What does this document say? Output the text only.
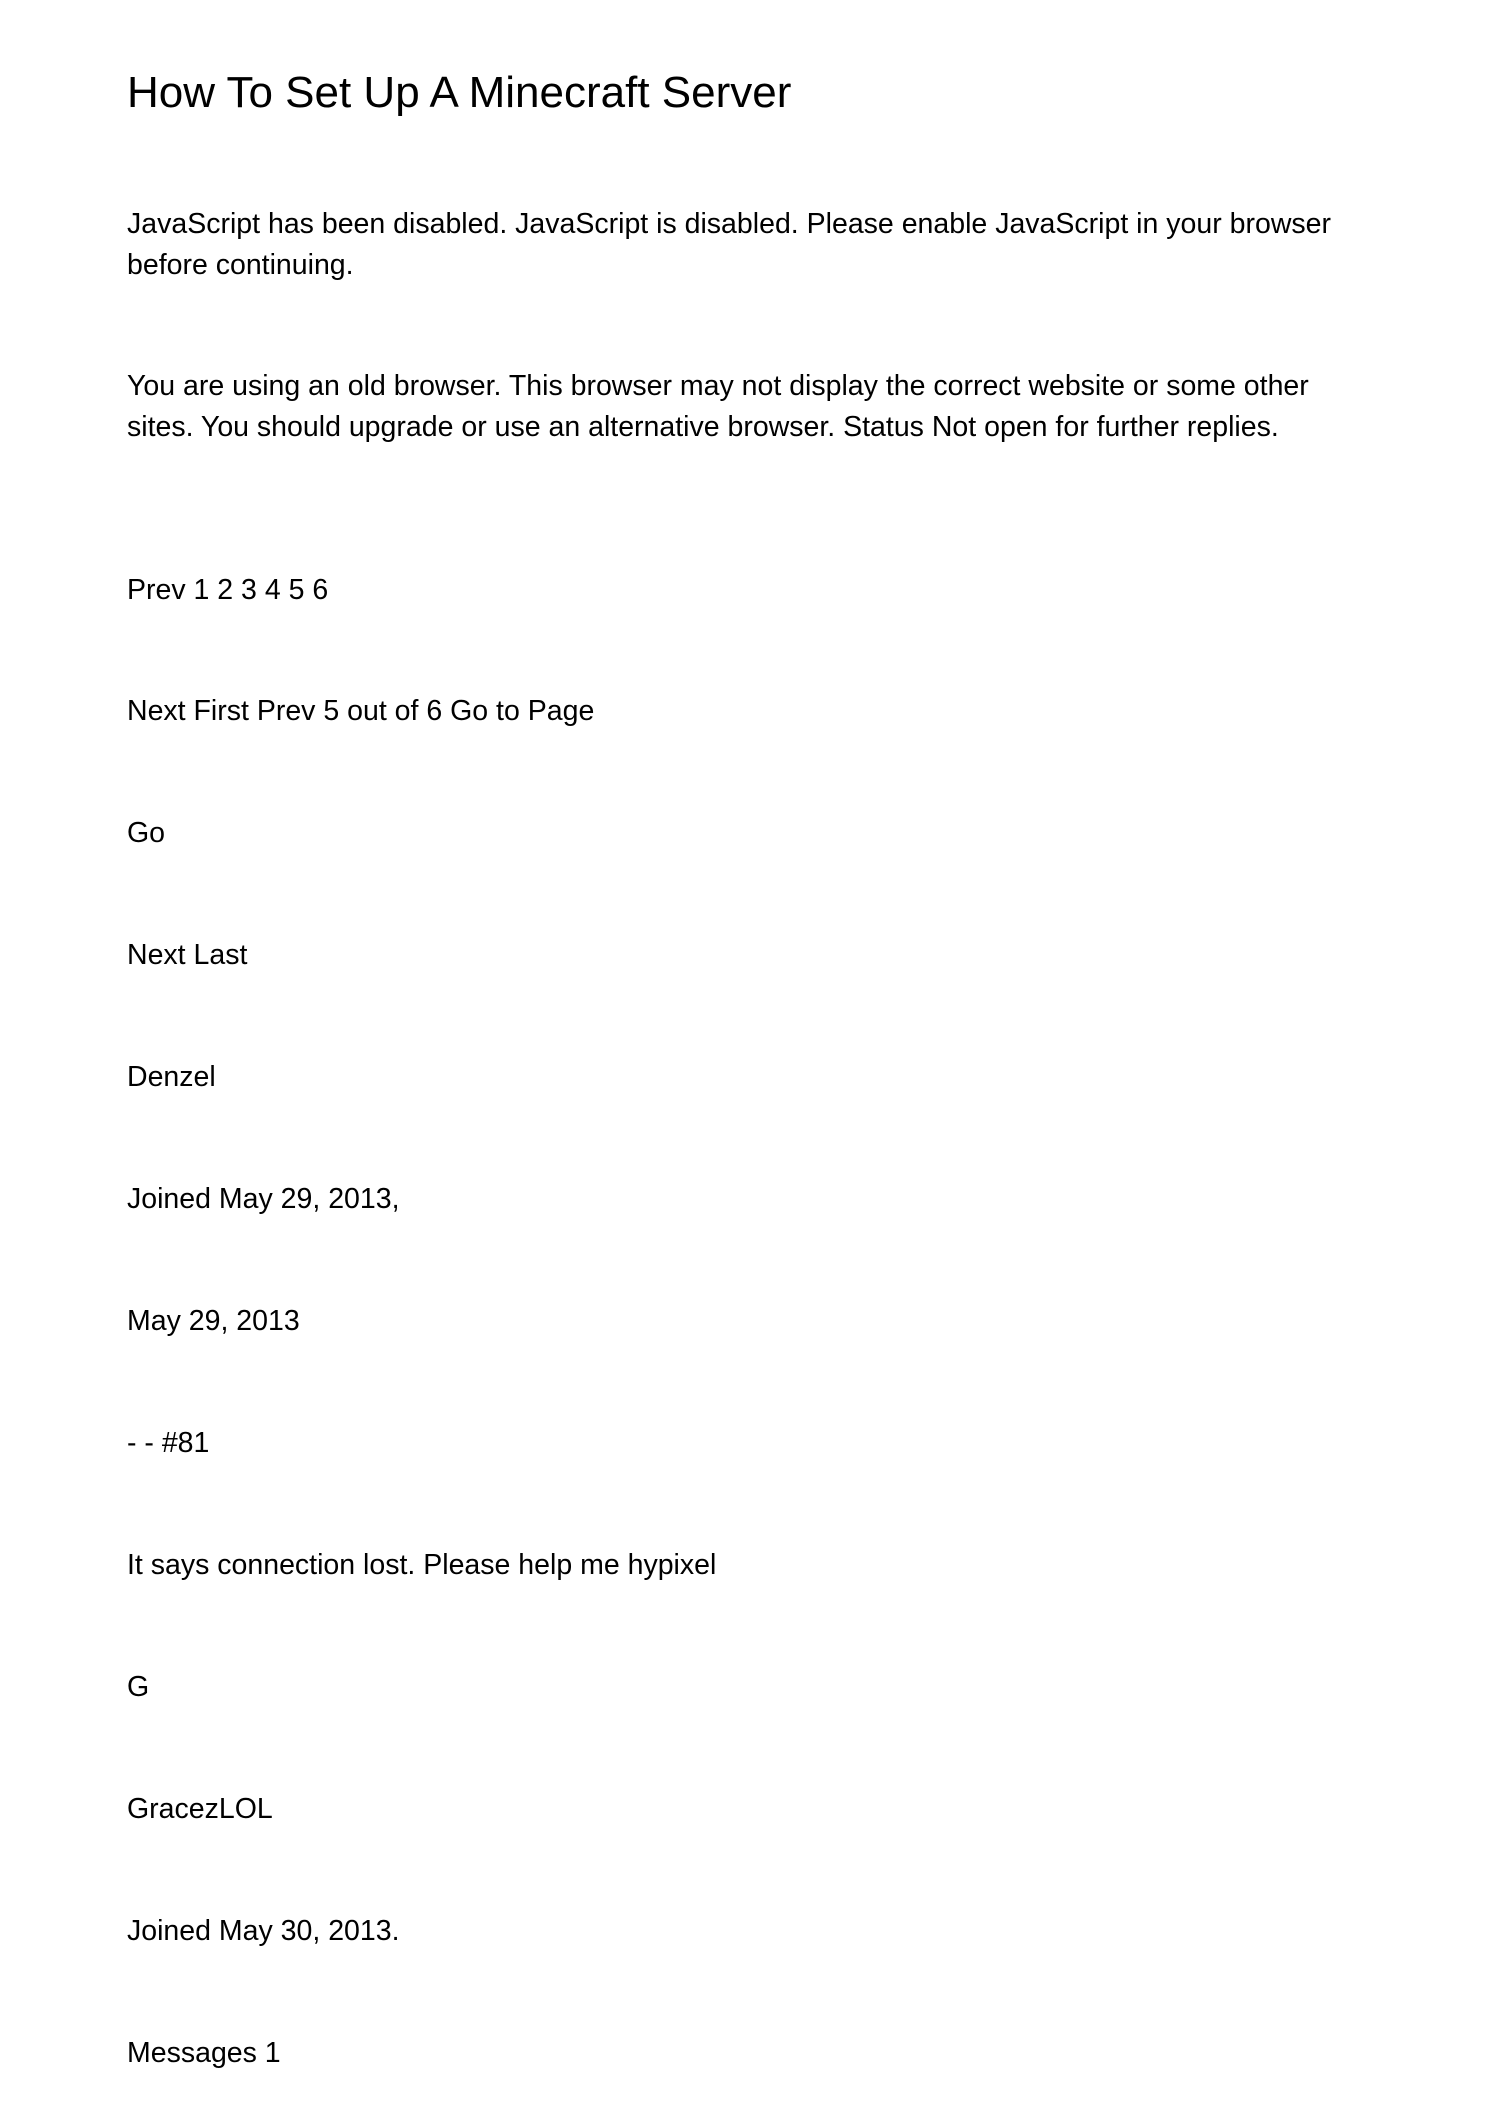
How To Set Up A Minecraft Server

JavaScript has been disabled. JavaScript is disabled. Please enable JavaScript in your browser before continuing.

You are using an old browser. This browser may not display the correct website or some other sites. You should upgrade or use an alternative browser. Status Not open for further replies.

Prev 1 2 3 4 5 6

Next First Prev 5 out of 6 Go to Page

Go

Next Last

Denzel

Joined May 29, 2013,

May 29, 2013

- - #81

It says connection lost. Please help me hypixel

G

GracezLOL

Joined May 30, 2013.

Messages 1
